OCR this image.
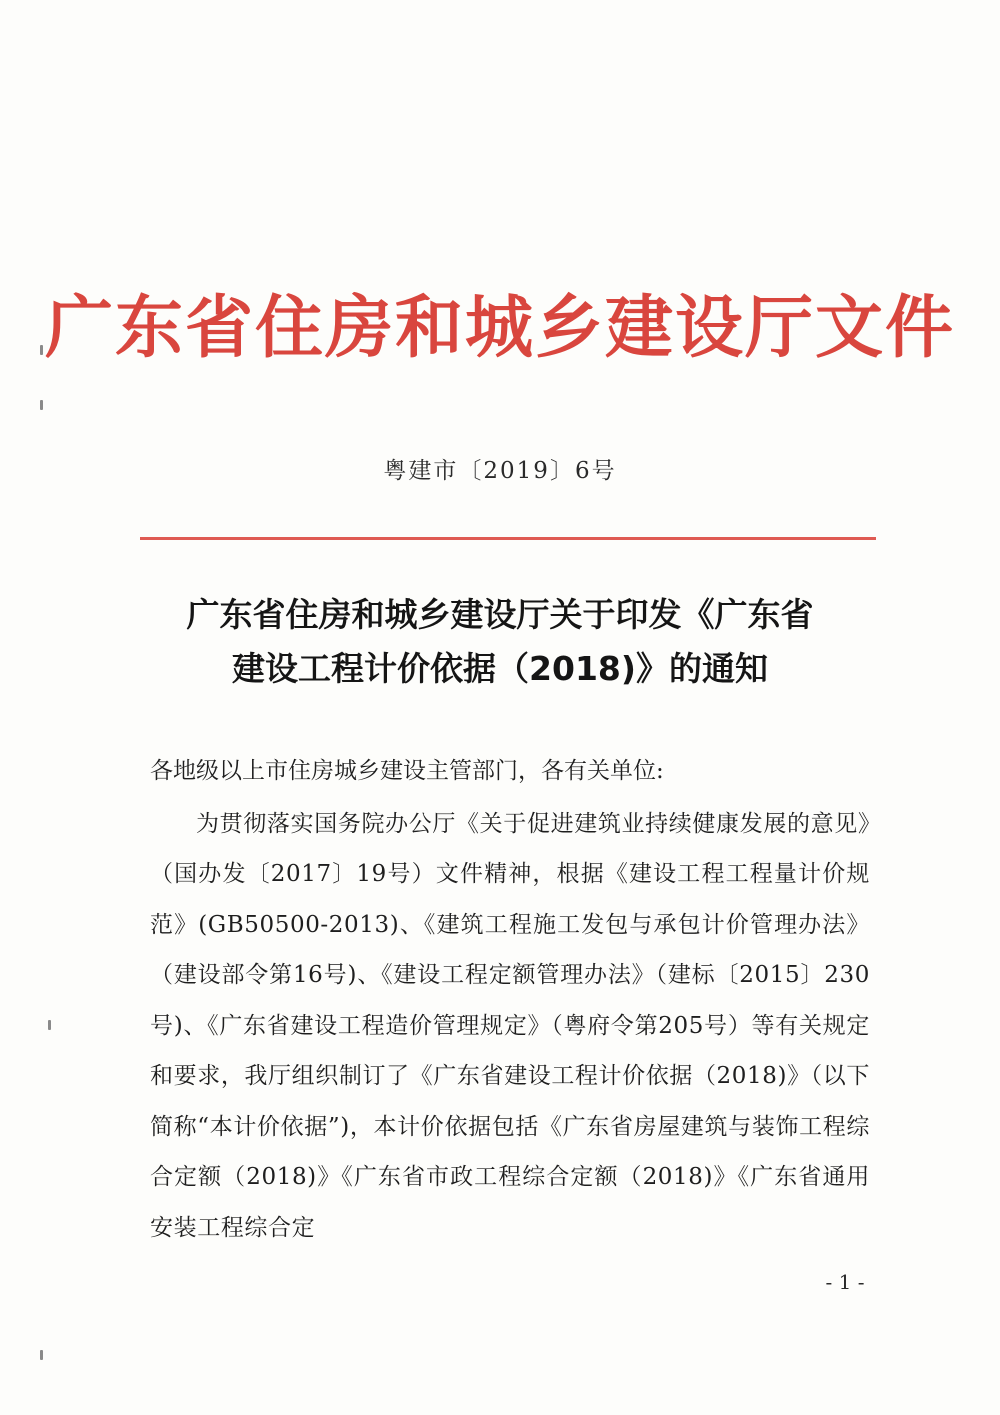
广东省住房和城乡建设厅文件
粤建市〔2019〕6号
广东省住房和城乡建设厅关于印发《广东省
建设工程计价依据（2018)》的通知

各地级以上市住房城乡建设主管部门，各有关单位:

为贯彻落实国务院办公厅《关于促进建筑业持续健康发展的意见》（国办发〔2017〕19号）文件精神，根据《建设工程工程量计价规范》(GB50500-2013)、《建筑工程施工发包与承包计价管理办法》（建设部令第16号)、《建设工程定额管理办法》（建标〔2015〕230号)、《广东省建设工程造价管理规定》（粤府令第205号）等有关规定和要求，我厅组织制订了《广东省建设工程计价依据（2018)》（以下简称“本计价依据”)，本计价依据包括《广东省房屋建筑与装饰工程综合定额（2018)》《广东省市政工程综合定额（2018)》《广东省通用安装工程综合定

- 1 -
